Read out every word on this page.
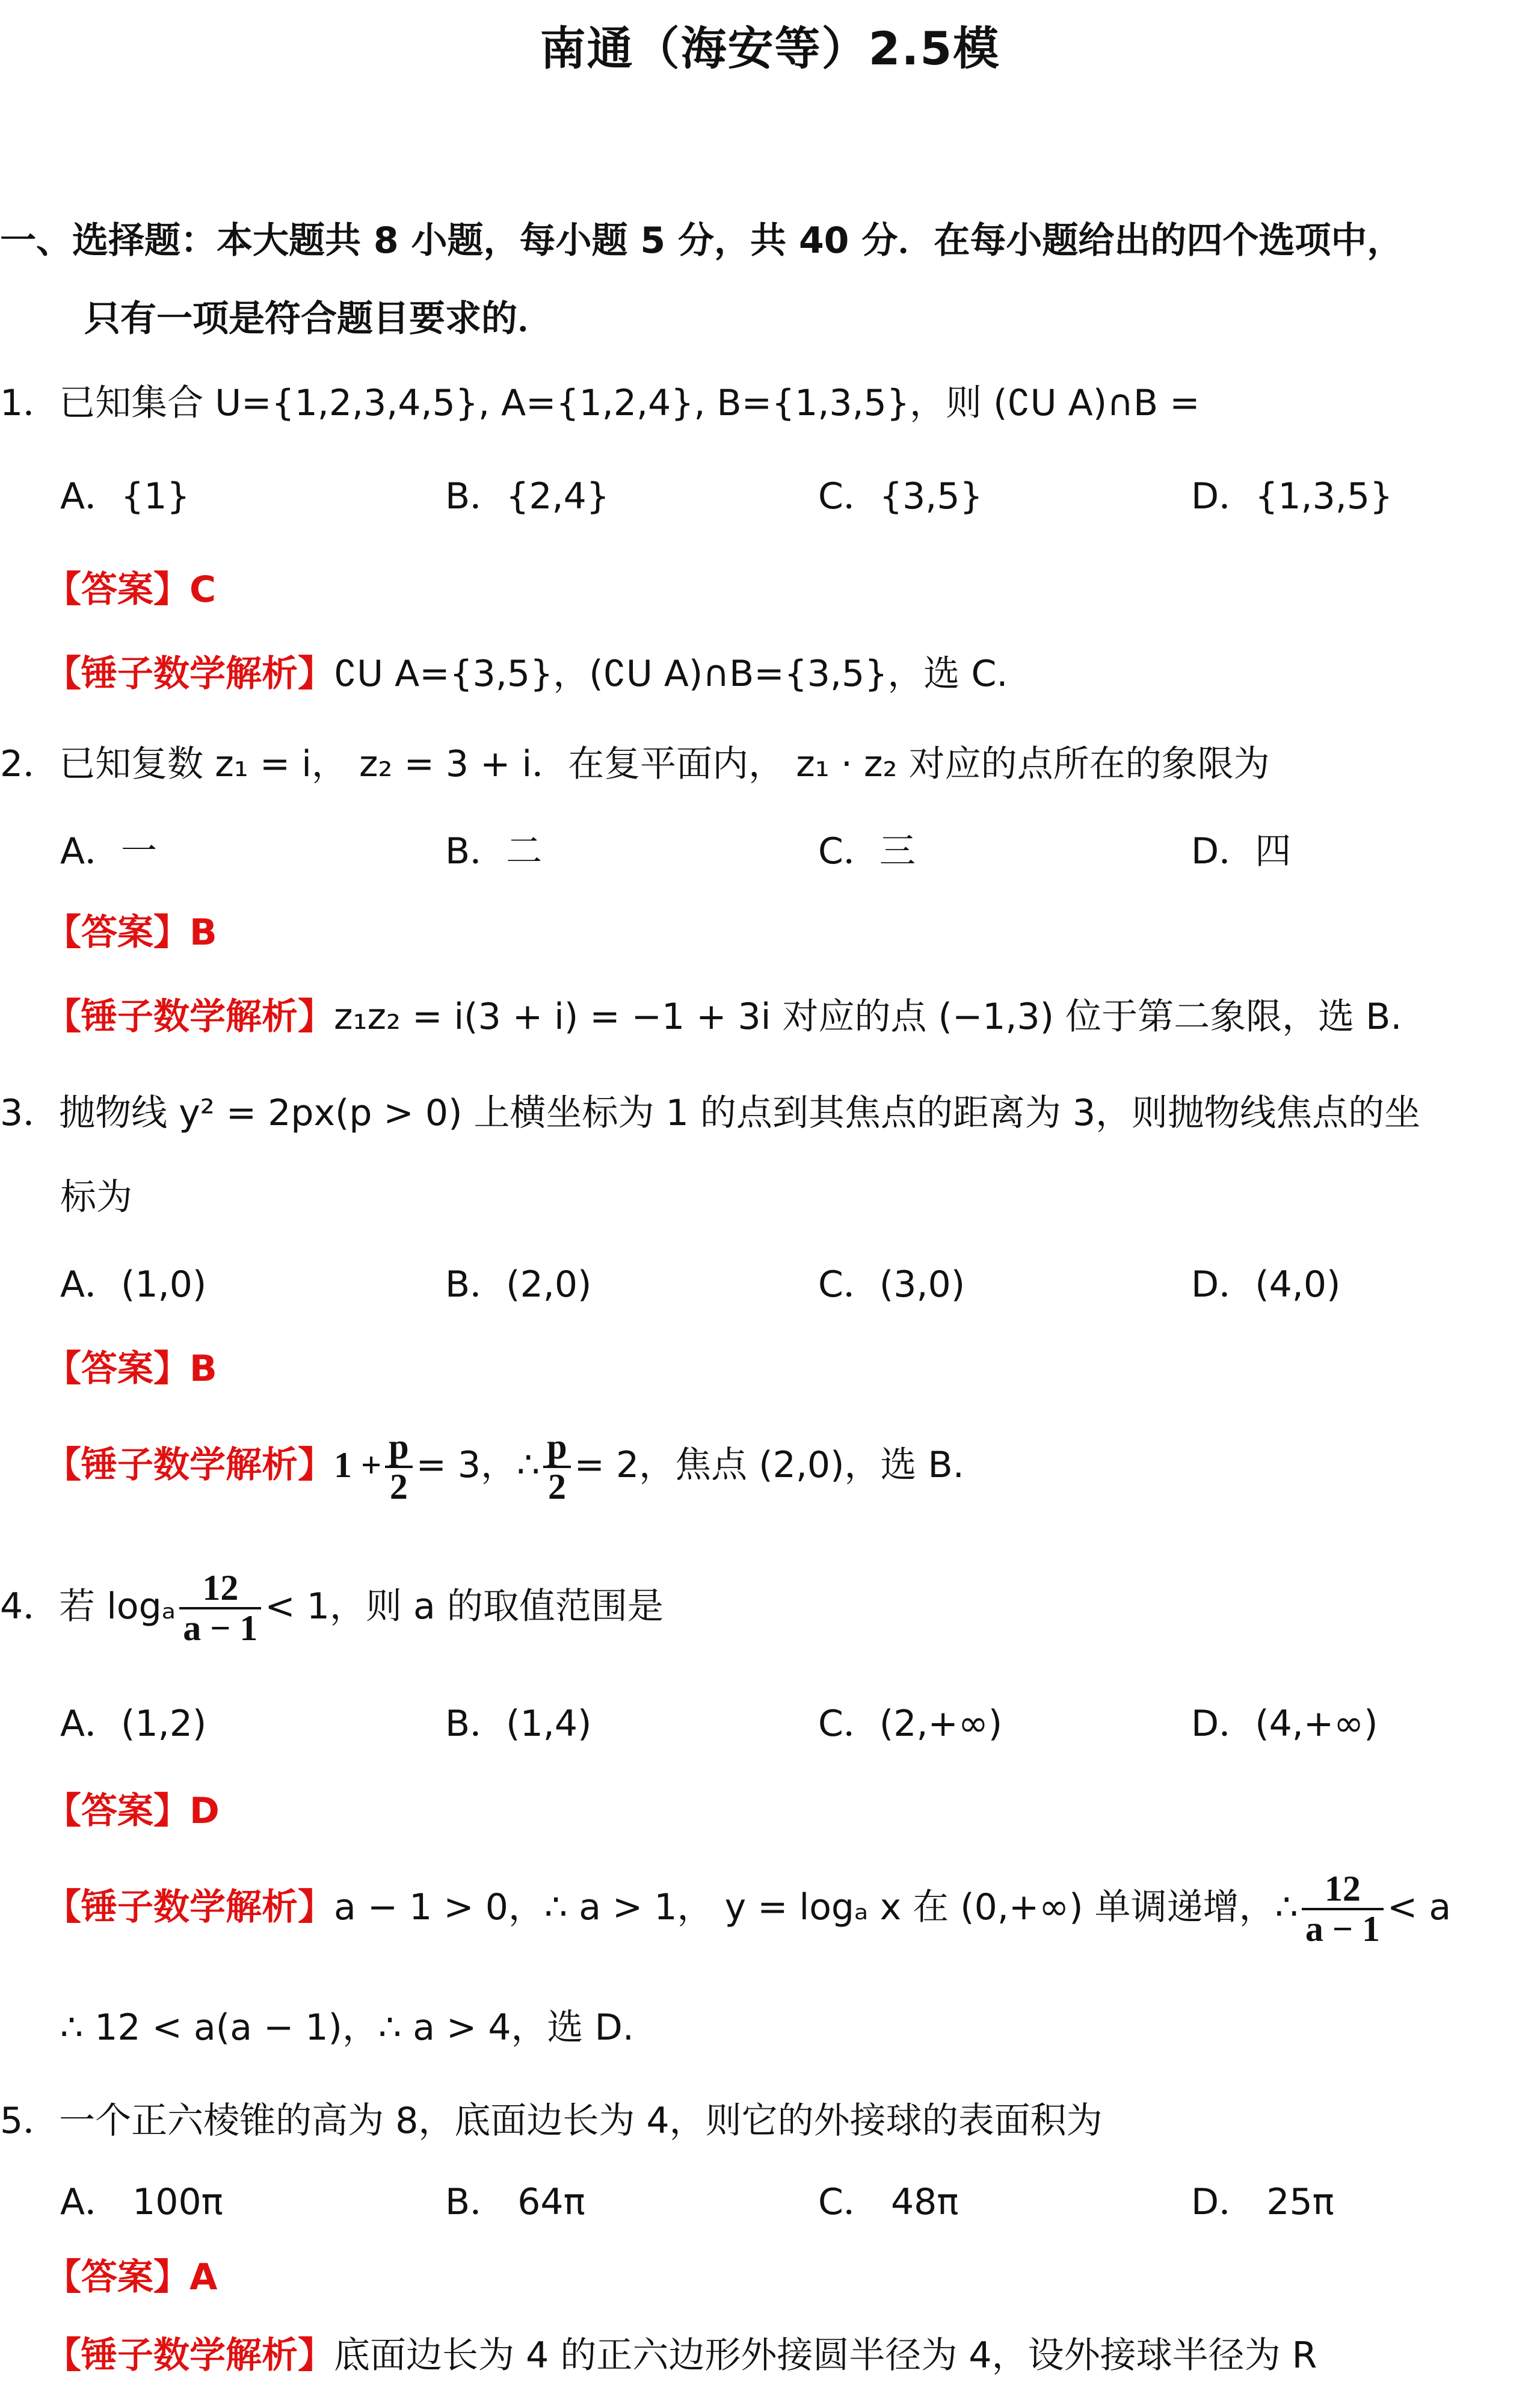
南通（海安等）2.5模
一、选择题：本大题共 8 小题，每小题 5 分，共 40 分．在每小题给出的四个选项中，
只有一项是符合题目要求的．
1．已知集合 U={1,2,3,4,5}, A={1,2,4}, B={1,3,5}，则 (∁U A)∩B =
A．{1}	B．{2,4}	C．{3,5}	D．{1,3,5}
【答案】C
【锤子数学解析】∁U A={3,5}，(∁U A)∩B={3,5}，选 C.
2．已知复数 z₁ = i， z₂ = 3 + i．在复平面内， z₁ · z₂ 对应的点所在的象限为
A．一	B．二	C．三	D．四
【答案】B
【锤子数学解析】z₁z₂ = i(3 + i) = −1 + 3i 对应的点 (−1,3) 位于第二象限，选 B.
3．抛物线 y² = 2px(p > 0) 上横坐标为 1 的点到其焦点的距离为 3，则抛物线焦点的坐
标为
A．(1,0)	B．(2,0)	C．(3,0)	D．(4,0)
【答案】B
【锤子数学解析】$1 + \frac{p}{2} = 3$，∴ $\frac{p}{2} = 2$，焦点 (2,0)，选 B.
4．若 logₐ $\frac{12}{a - 1} < 1$，则 a 的取值范围是
A．(1,2)	B．(1,4)	C．(2,+∞)	D．(4,+∞)
【答案】D
【锤子数学解析】a − 1 > 0，∴ a > 1， y = logₐ x 在 (0,+∞) 单调递增，∴ $\frac{12}{a - 1} < a$
∴ 12 < a(a − 1)，∴ a > 4，选 D.
5．一个正六棱锥的高为 8，底面边长为 4，则它的外接球的表面积为
A． 100π	B． 64π	C． 48π	D． 25π
【答案】A
【锤子数学解析】底面边长为 4 的正六边形外接圆半径为 4，设外接球半径为 R
